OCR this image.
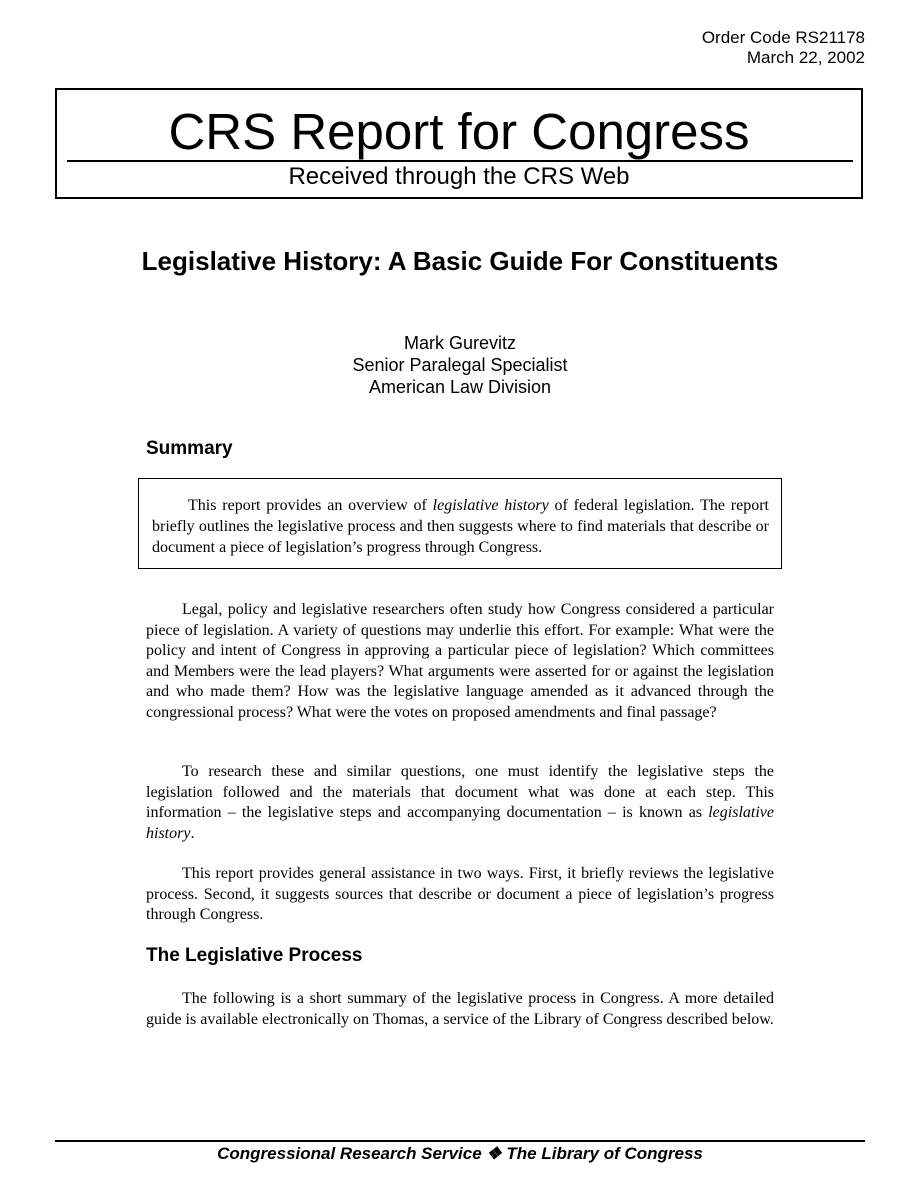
Order Code RS21178
March 22, 2002
CRS Report for Congress
Received through the CRS Web
Legislative History: A Basic Guide For Constituents
Mark Gurevitz
Senior Paralegal Specialist
American Law Division
Summary
This report provides an overview of legislative history of federal legislation. The report briefly outlines the legislative process and then suggests where to find materials that describe or document a piece of legislation’s progress through Congress.

Legal, policy and legislative researchers often study how Congress considered a particular piece of legislation. A variety of questions may underlie this effort. For example: What were the policy and intent of Congress in approving a particular piece of legislation? Which committees and Members were the lead players? What arguments were asserted for or against the legislation and who made them? How was the legislative language amended as it advanced through the congressional process? What were the votes on proposed amendments and final passage?

To research these and similar questions, one must identify the legislative steps the legislation followed and the materials that document what was done at each step. This information – the legislative steps and accompanying documentation – is known as legislative history.

This report provides general assistance in two ways. First, it briefly reviews the legislative process. Second, it suggests sources that describe or document a piece of legislation’s progress through Congress.

The Legislative Process

The following is a short summary of the legislative process in Congress. A more detailed guide is available electronically on Thomas, a service of the Library of Congress described below.

Congressional Research Service ❖ The Library of Congress
